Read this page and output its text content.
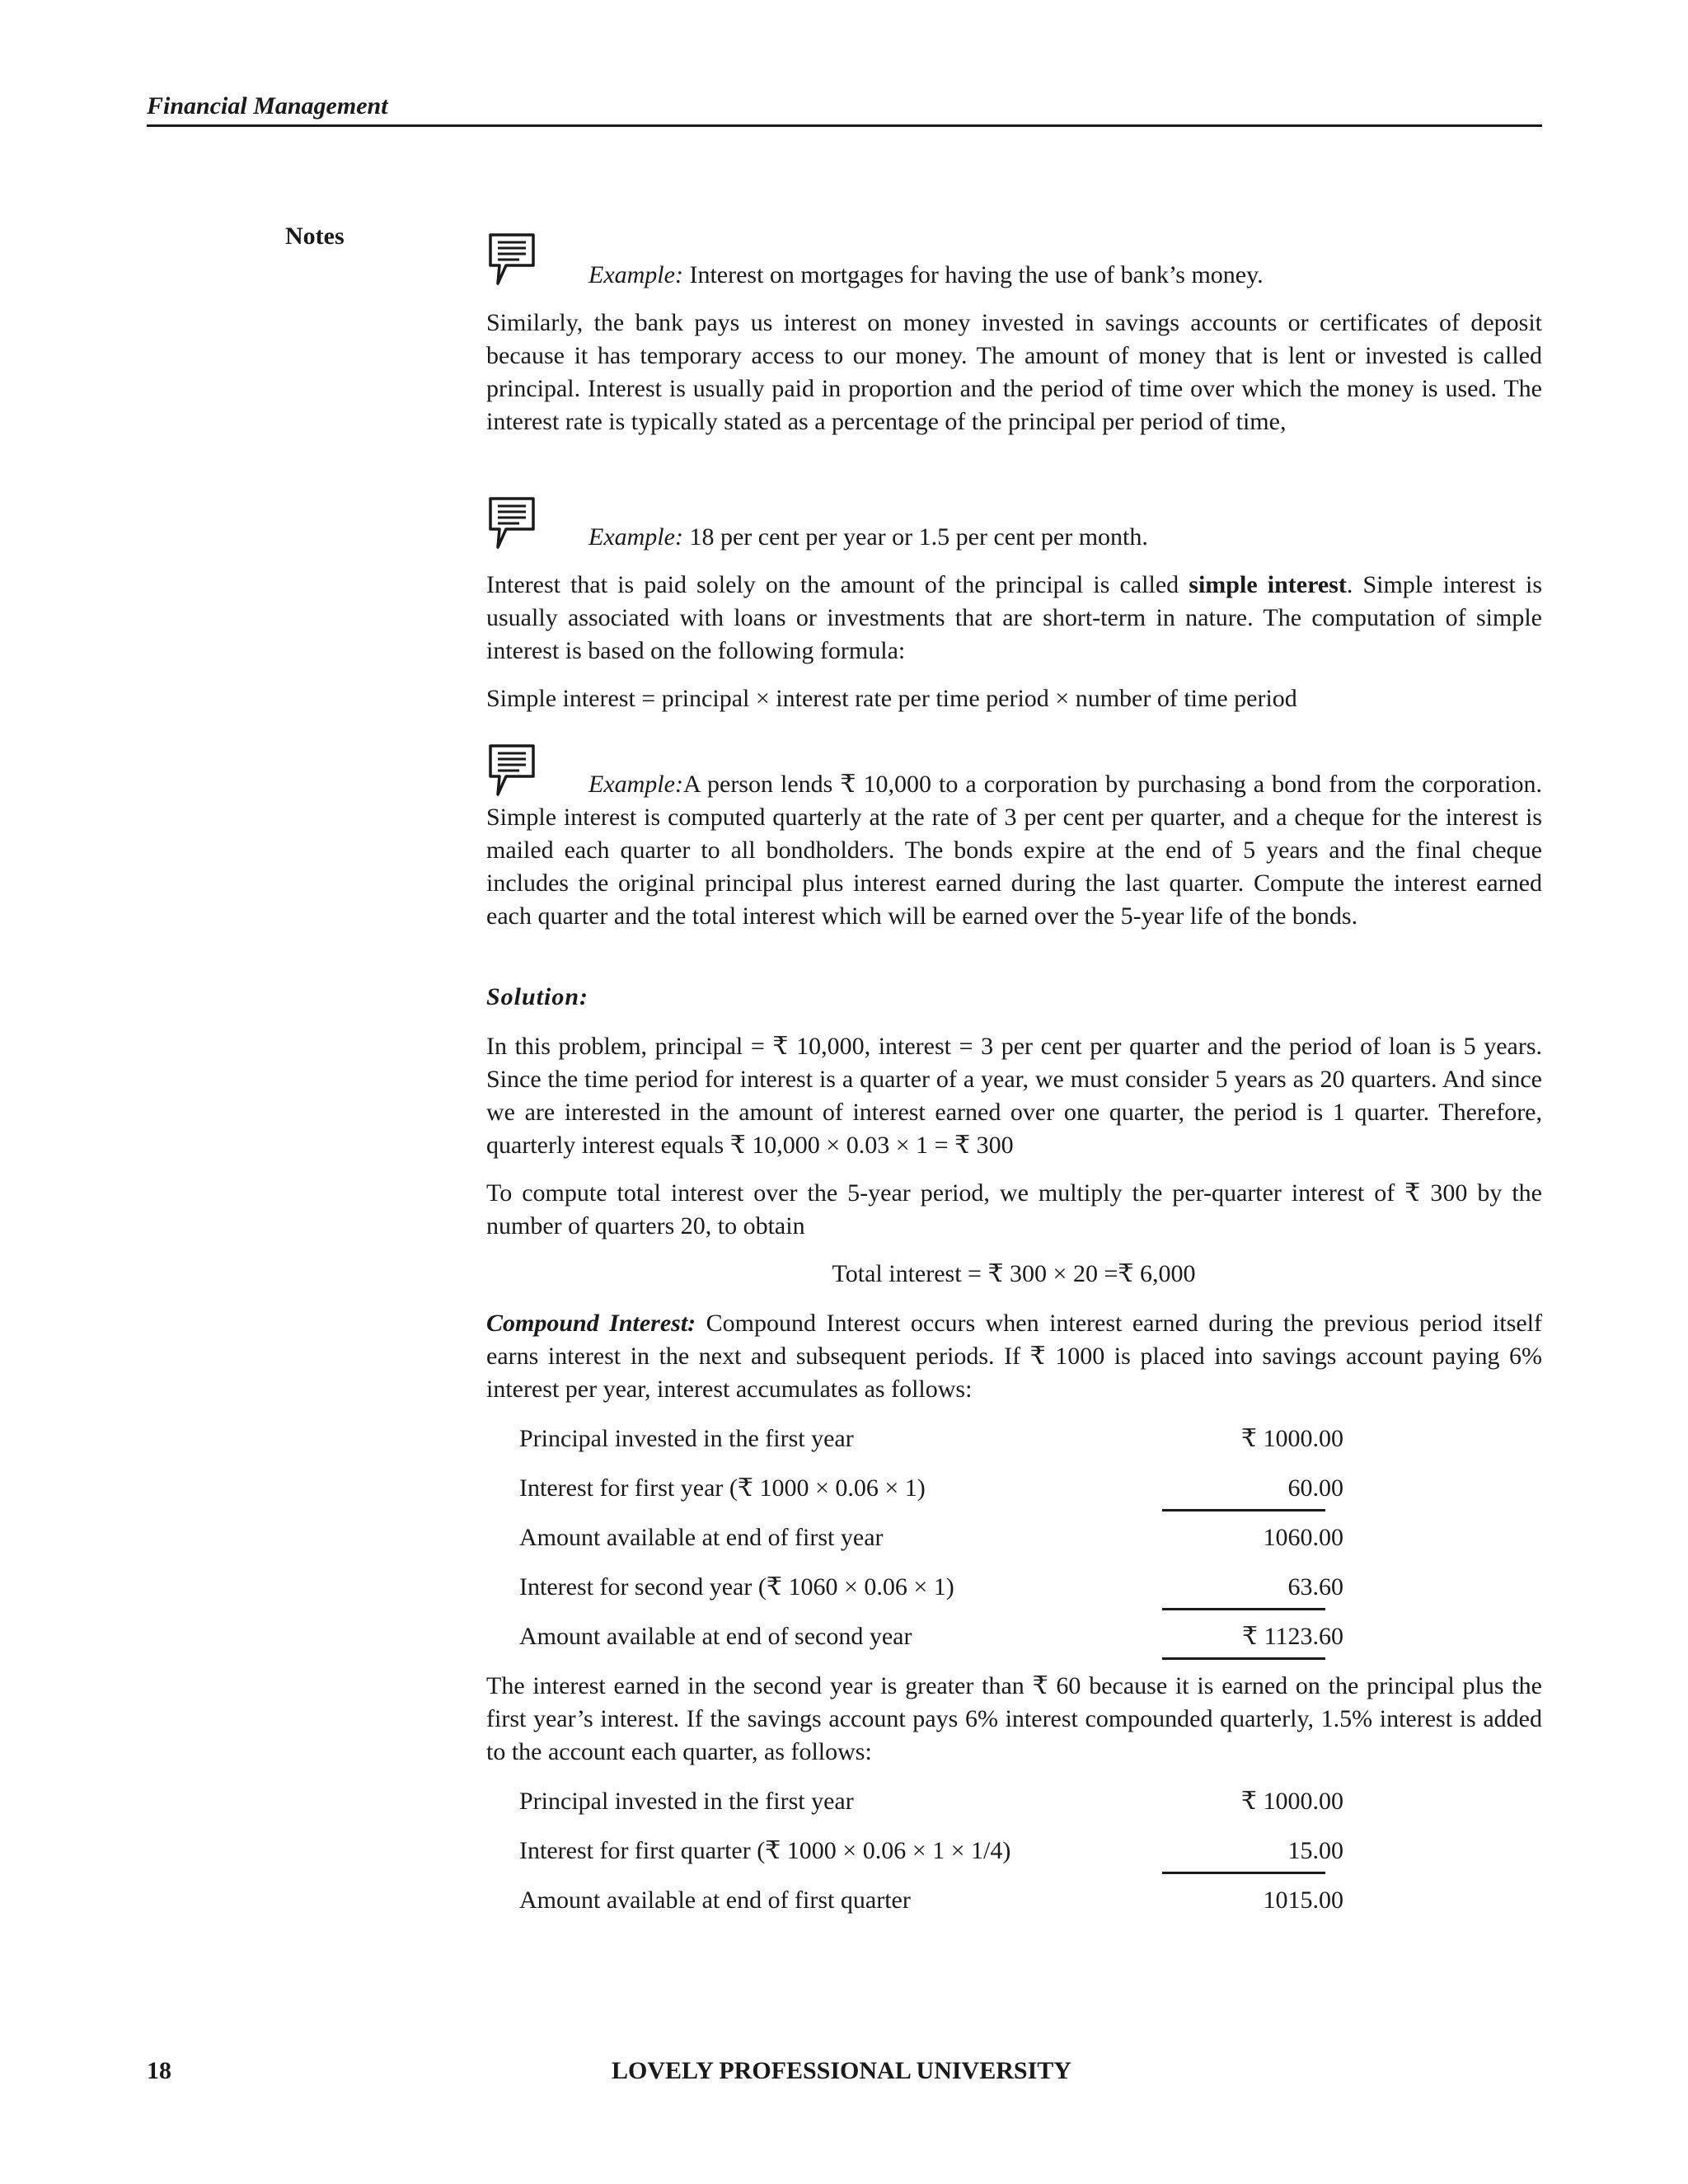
Financial Management
Notes
Example: Interest on mortgages for having the use of bank’s money.

Similarly, the bank pays us interest on money invested in savings accounts or certificates of deposit because it has temporary access to our money. The amount of money that is lent or invested is called principal. Interest is usually paid in proportion and the period of time over which the money is used. The interest rate is typically stated as a percentage of the principal per period of time,

Example: 18 per cent per year or 1.5 per cent per month.

Interest that is paid solely on the amount of the principal is called simple interest. Simple interest is usually associated with loans or investments that are short-term in nature. The computation of simple interest is based on the following formula:

Simple interest = principal × interest rate per time period × number of time period

Example:A person lends ₹ 10,000 to a corporation by purchasing a bond from the corporation. Simple interest is computed quarterly at the rate of 3 per cent per quarter, and a cheque for the interest is mailed each quarter to all bondholders. The bonds expire at the end of 5 years and the final cheque includes the original principal plus interest earned during the last quarter. Compute the interest earned each quarter and the total interest which will be earned over the 5-year life of the bonds.

Solution:

In this problem, principal = ₹ 10,000, interest = 3 per cent per quarter and the period of loan is 5 years. Since the time period for interest is a quarter of a year, we must consider 5 years as 20 quarters. And since we are interested in the amount of interest earned over one quarter, the period is 1 quarter. Therefore, quarterly interest equals ₹ 10,000 × 0.03 × 1 = ₹ 300

To compute total interest over the 5-year period, we multiply the per-quarter interest of ₹ 300 by the number of quarters 20, to obtain

Total interest = ₹ 300 × 20 =₹ 6,000

Compound Interest: Compound Interest occurs when interest earned during the previous period itself earns interest in the next and subsequent periods. If ₹ 1000 is placed into savings account paying 6% interest per year, interest accumulates as follows:

Principal invested in the first year	₹ 1000.00
Interest for first year (₹ 1000 × 0.06 × 1)	60.00
Amount available at end of first year	1060.00
Interest for second year (₹ 1060 × 0.06 × 1)	63.60
Amount available at end of second year	₹ 1123.60

The interest earned in the second year is greater than ₹ 60 because it is earned on the principal plus the first year’s interest. If the savings account pays 6% interest compounded quarterly, 1.5% interest is added to the account each quarter, as follows:

Principal invested in the first year	₹ 1000.00
Interest for first quarter (₹ 1000 × 0.06 × 1 × 1/4)	15.00
Amount available at end of first quarter	1015.00
18	LOVELY PROFESSIONAL UNIVERSITY
